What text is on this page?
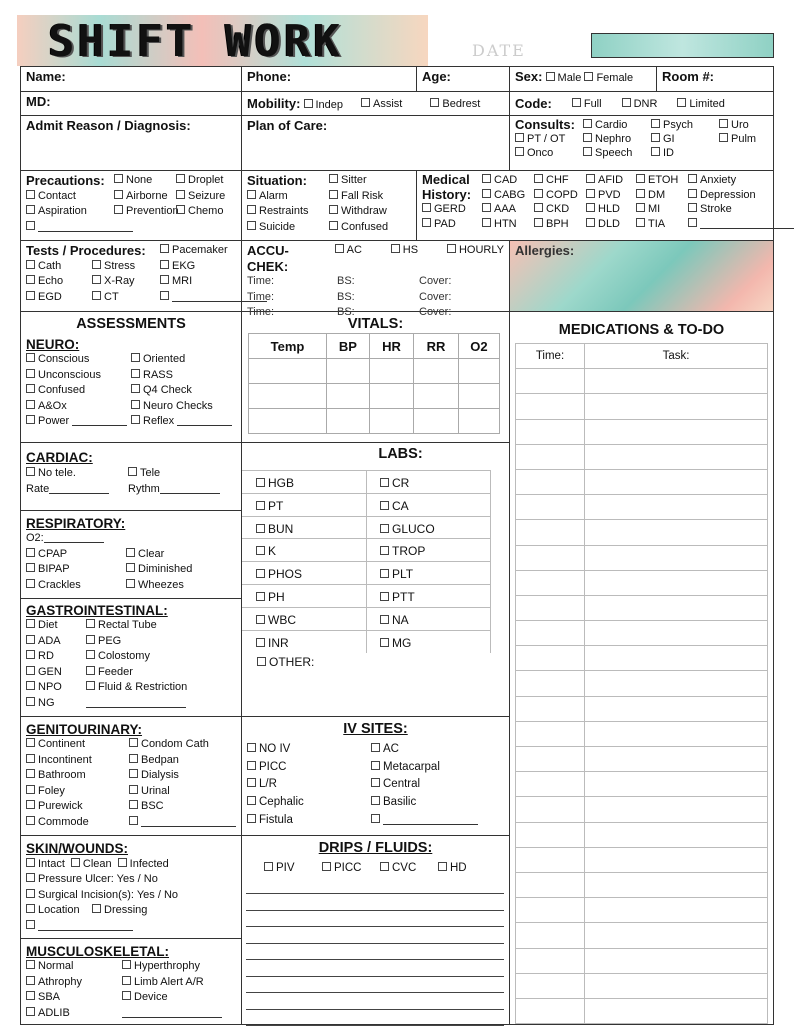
SHIFT WORK	DATE
Name:	Phone:	Age:	Sex: Male Female	Room #:
MD:	Mobility: Indep	Assist	Bedrest	Code:	Full	DNR	Limited
Admit Reason / Diagnosis:	Plan of Care:	Consults:	Cardio	Psych	Uro
PT / OT	Nephro	GI	Pulm
Onco	Speech	ID
Precautions:	None	Droplet
Contact	Airborne	Seizure
Aspiration	Prevention Chemo
Situation:	Sitter
Alarm	Fall Risk
Restraints	Withdraw
Suicide	Confused
Medical	CAD	CHF	AFID	ETOH	Anxiety
History:	CABG	COPD	PVD	DM	Depression
GERD	AAA	CKD	HLD	MI	Stroke
PAD	HTN	BPH	DLD	TIA
Tests / Procedures:	Pacemaker
Cath	Stress	EKG
Echo	X-Ray	MRI
EGD	CT
ACCU-CHEK:
AC	HS	HOURLY
Time:	BS:	Cover:
Time:	BS:	Cover:
Time:	BS:	Cover:
Allergies:
ASSESSMENTS
NEURO:
Conscious	Oriented
Unconscious	RASS
Confused	Q4 Check
A&Ox	Neuro Checks
Power	Reflex
CARDIAC:
No tele.	Tele
Rate	Rythm
RESPIRATORY:
O2:
CPAP	Clear
BIPAP	Diminished
Crackles	Wheezes
GASTROINTESTINAL:
Diet	Rectal Tube
ADA	PEG
RD	Colostomy
GEN	Feeder
NPO	Fluid & Restriction
NG
GENITOURINARY:
Continent	Condom Cath
Incontinent	Bedpan
Bathroom	Dialysis
Foley	Urinal
Purewick	BSC
Commode
SKIN/WOUNDS:
Intact	Clean	Infected
Pressure Ulcer: Yes / No
Surgical Incision(s): Yes / No
Location	Dressing
MUSCULOSKELETAL:
Normal	Hyperthrophy
Athrophy	Limb Alert A/R
SBA	Device
ADLIB
VITALS:
Temp	BP	HR	RR	O2

LABS:
HGB	CR
PT	CA
BUN	GLUCO
K	TROP
PHOS	PLT
PH	PTT
WBC	NA
INR	MG
OTHER:
IV SITES:
NO IV	AC
PICC	Metacarpal
L/R	Central
Cephalic	Basilic
Fistula
DRIPS / FLUIDS:
PIV	PICC	CVC	HD
MEDICATIONS & TO-DO
Time:	Task:
